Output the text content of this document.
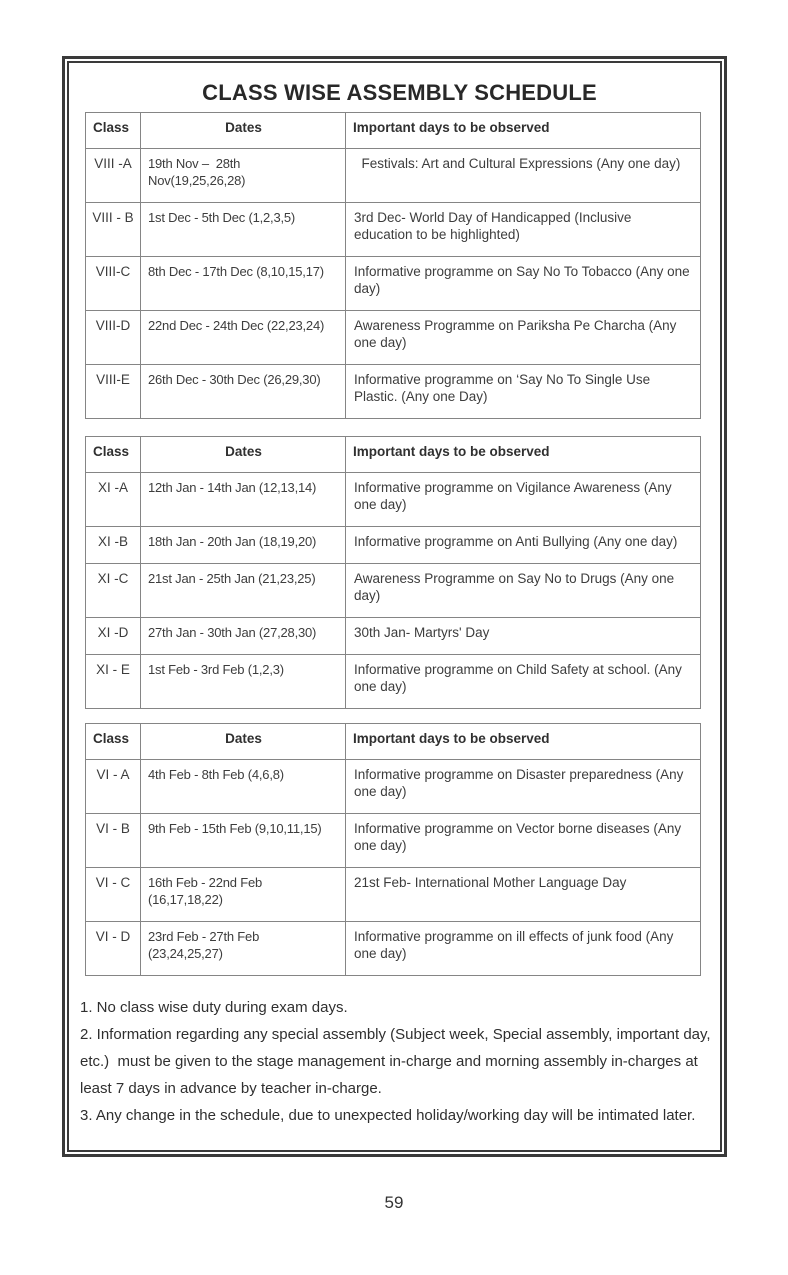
CLASS WISE ASSEMBLY SCHEDULE
Class	Dates	Important days to be observed
VIII -A	19th Nov –  28th Nov(19,25,26,28)	Festivals: Art and Cultural Expressions (Any one day)
VIII - B	1st Dec - 5th Dec (1,2,3,5)	3rd Dec- World Day of Handicapped (Inclusive education to be highlighted)
VIII-C	8th Dec - 17th Dec (8,10,15,17)	Informative programme on Say No To Tobacco (Any one day)
VIII-D	22nd Dec - 24th Dec (22,23,24)	Awareness Programme on Pariksha Pe Charcha (Any one day)
VIII-E	26th Dec - 30th Dec (26,29,30)	Informative programme on ‘Say No To Single Use Plastic. (Any one Day)
Class	Dates	Important days to be observed
XI -A	12th Jan - 14th Jan (12,13,14)	Informative programme on Vigilance Awareness (Any one day)
XI -B	18th Jan - 20th Jan (18,19,20)	Informative programme on Anti Bullying (Any one day)
XI -C	21st Jan - 25th Jan (21,23,25)	Awareness Programme on Say No to Drugs (Any one day)
XI -D	27th Jan - 30th Jan (27,28,30)	30th Jan- Martyrs' Day
XI - E	1st Feb - 3rd Feb (1,2,3)	Informative programme on Child Safety at school. (Any one day)
Class	Dates	Important days to be observed
VI - A	4th Feb - 8th Feb (4,6,8)	Informative programme on Disaster preparedness (Any one day)
VI - B	9th Feb - 15th Feb (9,10,11,15)	Informative programme on Vector borne diseases (Any one day)
VI - C	16th Feb - 22nd Feb (16,17,18,22)	21st Feb- International Mother Language Day
VI - D	23rd Feb - 27th Feb (23,24,25,27)	Informative programme on ill effects of junk food (Any one day)

1. No class wise duty during exam days.

2. Information regarding any special assembly (Subject week, Special assembly, important day, etc.)  must be given to the stage management in-charge and morning assembly in-charges at least 7 days in advance by teacher in-charge.

3. Any change in the schedule, due to unexpected holiday/working day will be intimated later.

59
